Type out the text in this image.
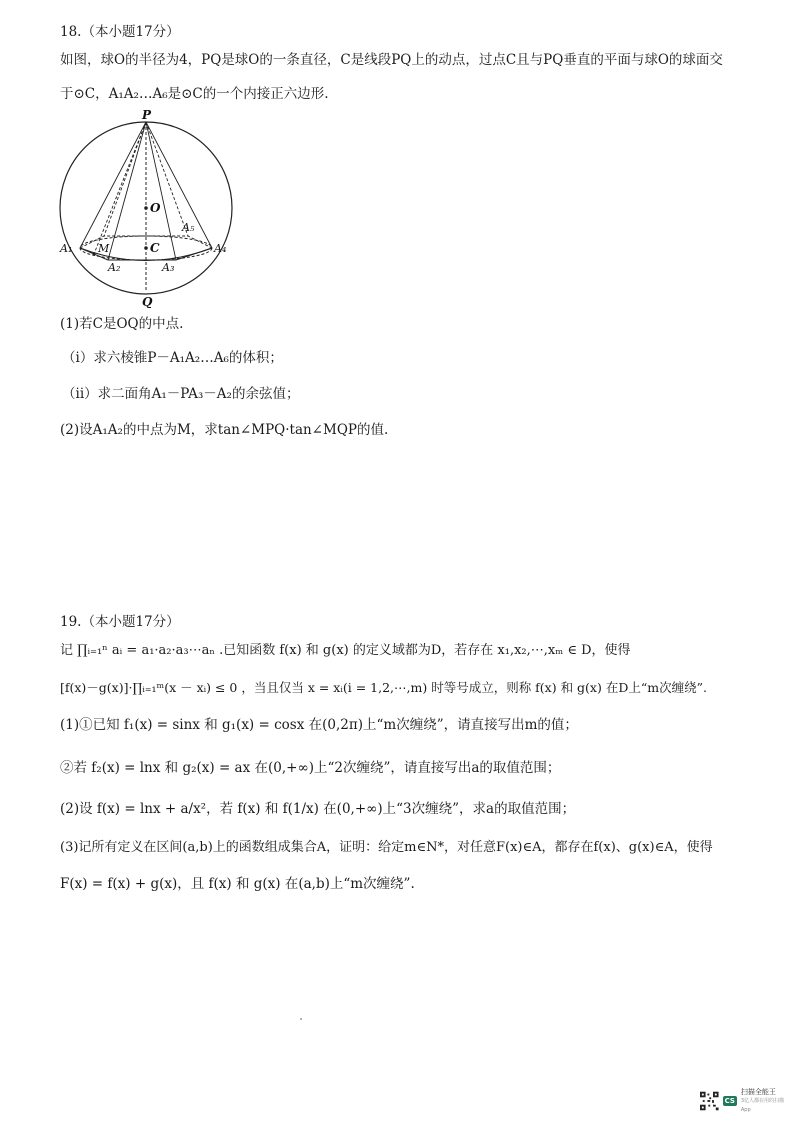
18.（本小题17分）
如图，球O的半径为4，PQ是球O的一条直径，C是线段PQ上的动点，过点C且与PQ垂直的平面与球O的球面交
于⊙C，A₁A₂…A₆是⊙C的一个内接正六边形.
P
O
C
Q
M
A₁
A₂	A₃
A₄
A₅
(1)若C是OQ的中点.
（i）求六棱锥P－A₁A₂…A₆的体积；
（ii）求二面角A₁－PA₃－A₂的余弦值；
(2)设A₁A₂的中点为M，求tan∠MPQ·tan∠MQP的值.
19.（本小题17分）
记 ∏ᵢ₌₁ⁿ aᵢ = a₁·a₂·a₃⋯aₙ .已知函数 f(x) 和 g(x) 的定义域都为D，若存在 x₁,x₂,⋯,xₘ ∈ D，使得
[f(x)－g(x)]·∏ᵢ₌₁ᵐ(x － xᵢ) ≤ 0 ，当且仅当 x = xᵢ(i = 1,2,⋯,m) 时等号成立，则称 f(x) 和 g(x) 在D上“m次缠绕”.
(1)①已知 f₁(x) = sinx 和 g₁(x) = cosx 在(0,2π)上“m次缠绕”，请直接写出m的值；
②若 f₂(x) = lnx 和 g₂(x) = ax 在(0,+∞)上“2次缠绕”，请直接写出a的取值范围；
(2)设 f(x) = lnx + a/x²，若 f(x) 和 f(1/x) 在(0,+∞)上“3次缠绕”，求a的取值范围；
(3)记所有定义在区间(a,b)上的函数组成集合A，证明：给定m∈N*，对任意F(x)∈A，都存在f(x)、g(x)∈A，使得
F(x) = f(x) + g(x)，且 f(x) 和 g(x) 在(a,b)上“m次缠绕”.
CS
扫描全能王
3亿人都在用的扫描App
